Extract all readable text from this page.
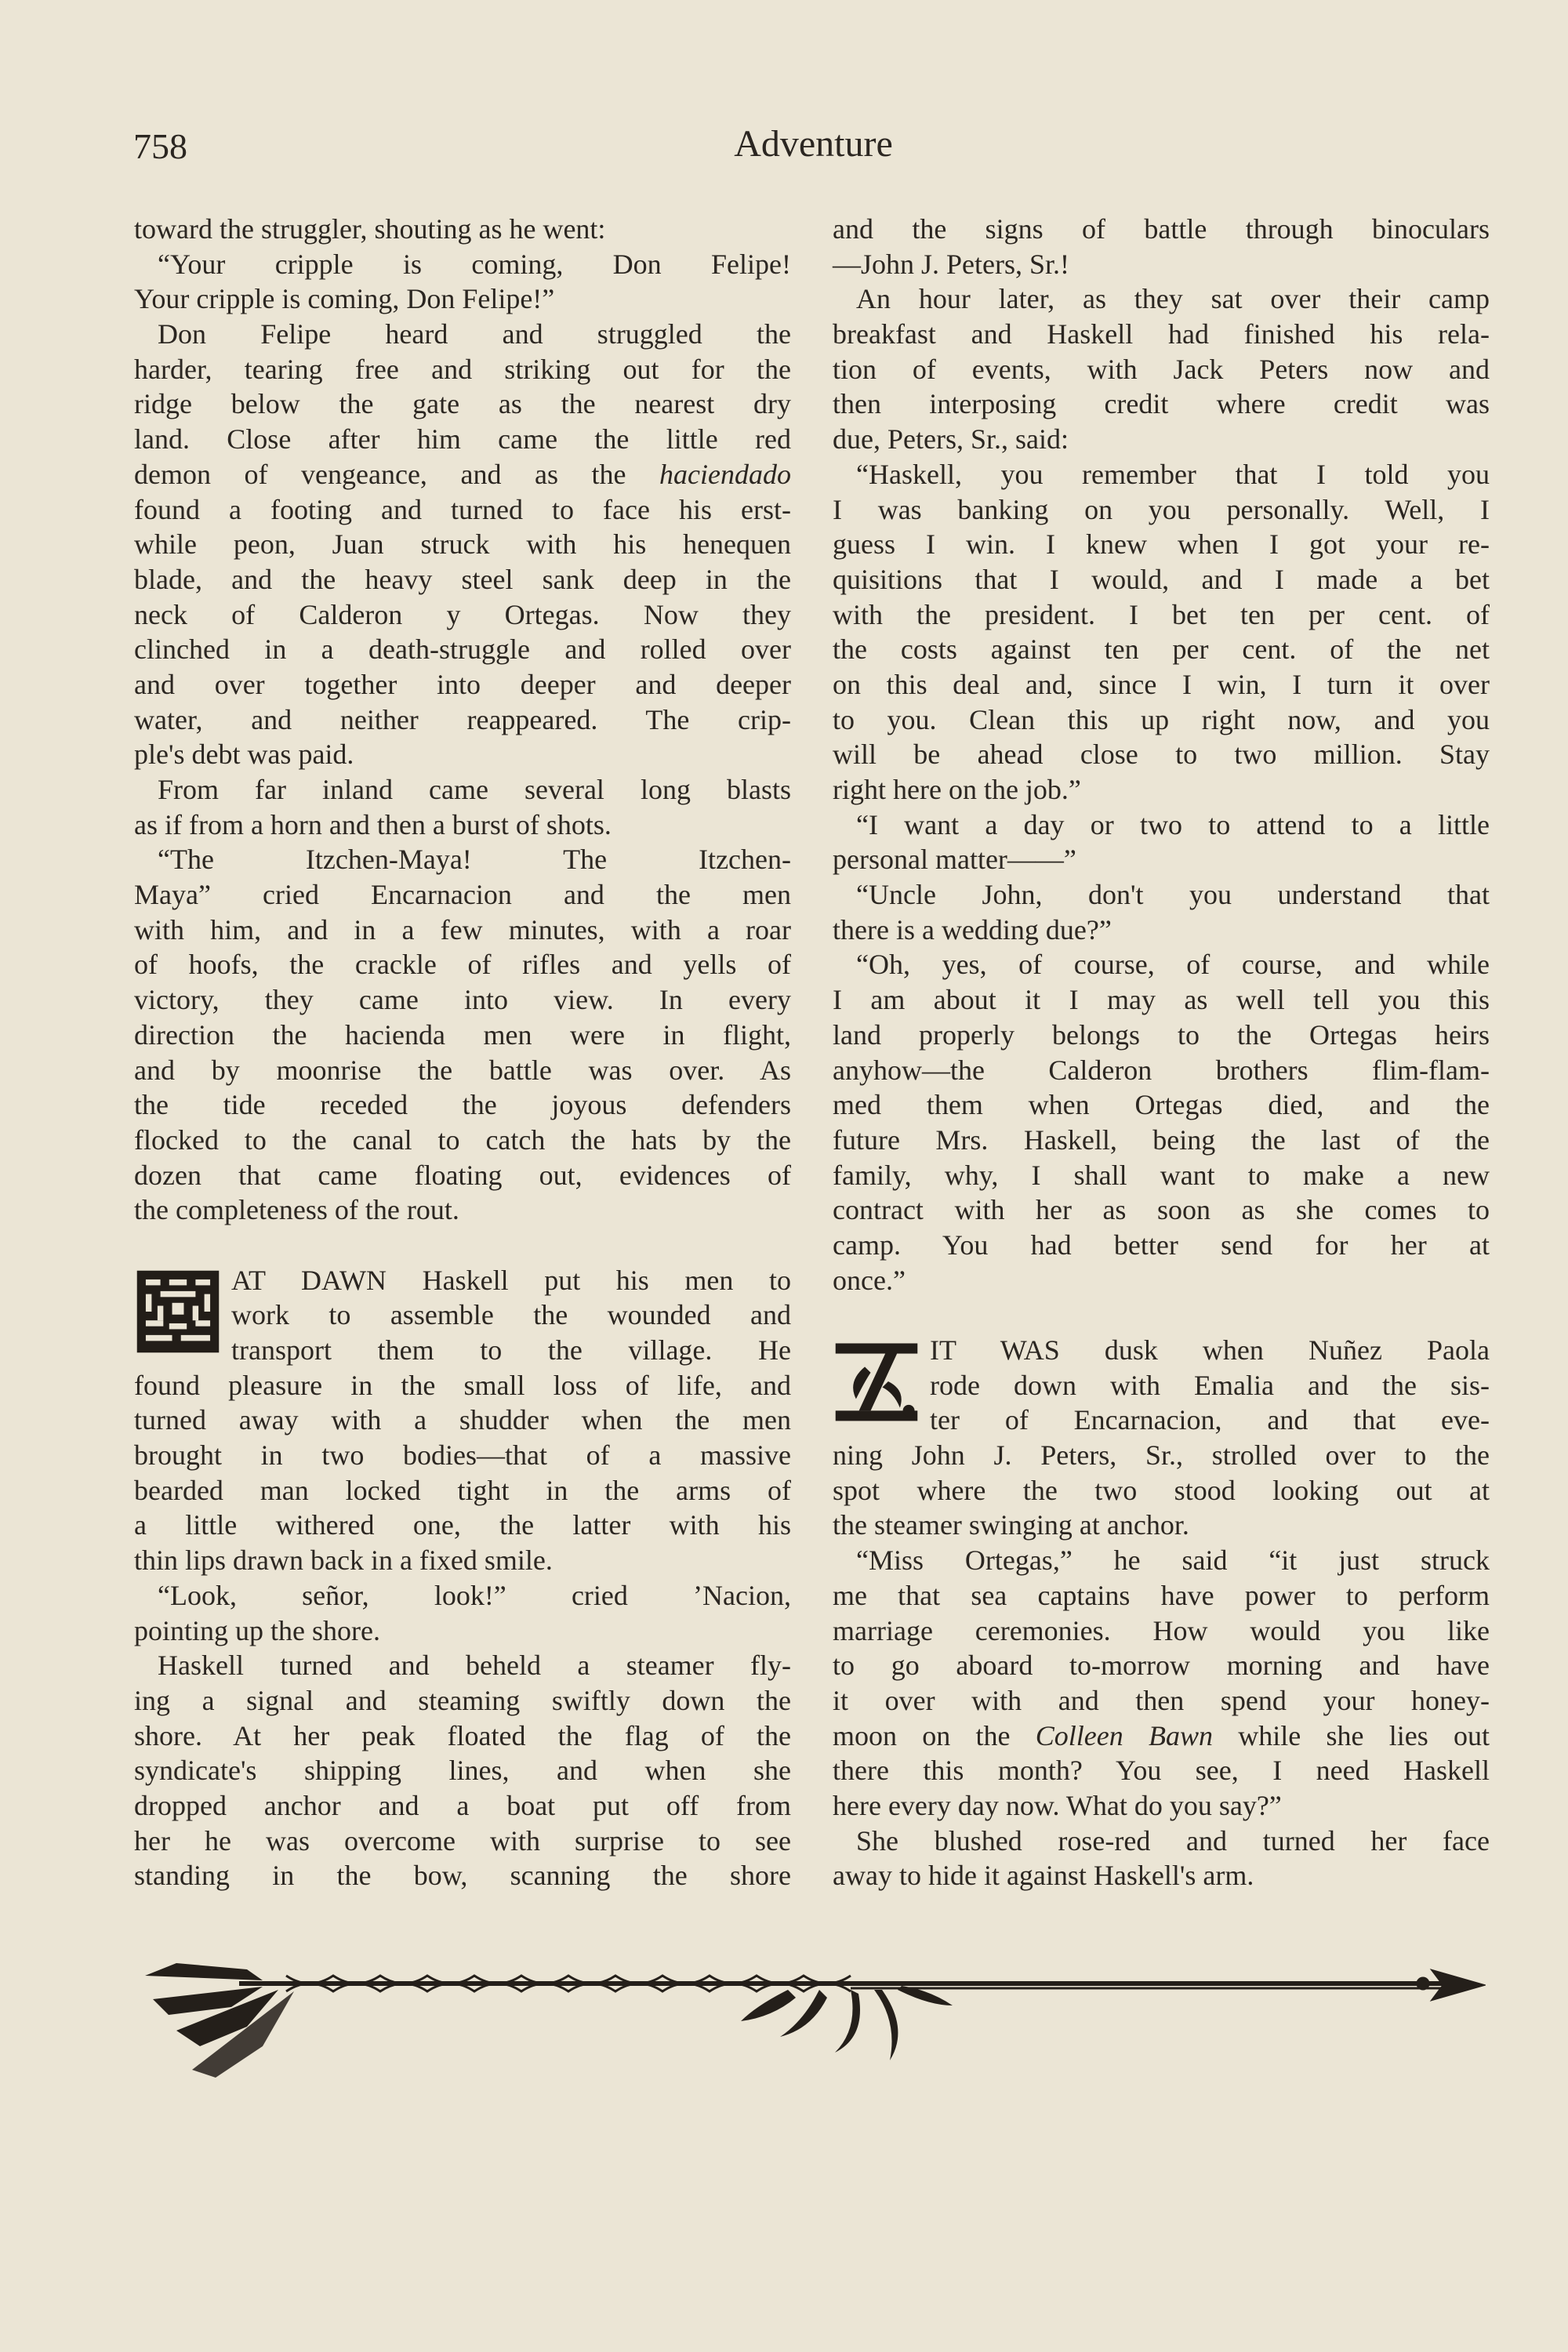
758	Adventure
toward the struggler, shouting as he went:
“Your cripple is coming, Don Felipe!
Your cripple is coming, Don Felipe!”
Don Felipe heard and struggled the
harder, tearing free and striking out for the
ridge below the gate as the nearest dry
land. Close after him came the little red
demon of vengeance, and as the haciendado
found a footing and turned to face his erst-
while peon, Juan struck with his henequen
blade, and the heavy steel sank deep in the
neck of Calderon y Ortegas. Now they
clinched in a death-struggle and rolled over
and over together into deeper and deeper
water, and neither reappeared. The crip-
ple's debt was paid.
From far inland came several long blasts
as if from a horn and then a burst of shots.
“The Itzchen-Maya! The Itzchen-
Maya” cried Encarnacion and the men
with him, and in a few minutes, with a roar
of hoofs, the crackle of rifles and yells of
victory, they came into view. In every
direction the hacienda men were in flight,
and by moonrise the battle was over. As
the tide receded the joyous defenders
flocked to the canal to catch the hats by the
dozen that came floating out, evidences of
the completeness of the rout.
AT DAWN Haskell put his men to
work to assemble the wounded and
transport them to the village. He
found pleasure in the small loss of life, and
turned away with a shudder when the men
brought in two bodies—that of a massive
bearded man locked tight in the arms of
a little withered one, the latter with his
thin lips drawn back in a fixed smile.
“Look, señor, look!” cried ’Nacion,
pointing up the shore.
Haskell turned and beheld a steamer fly-
ing a signal and steaming swiftly down the
shore. At her peak floated the flag of the
syndicate's shipping lines, and when she
dropped anchor and a boat put off from
her he was overcome with surprise to see
standing in the bow, scanning the shore
and the signs of battle through binoculars
—John J. Peters, Sr.!
An hour later, as they sat over their camp
breakfast and Haskell had finished his rela-
tion of events, with Jack Peters now and
then interposing credit where credit was
due, Peters, Sr., said:
“Haskell, you remember that I told you
I was banking on you personally. Well, I
guess I win. I knew when I got your re-
quisitions that I would, and I made a bet
with the president. I bet ten per cent. of
the costs against ten per cent. of the net
on this deal and, since I win, I turn it over
to you. Clean this up right now, and you
will be ahead close to two million. Stay
right here on the job.”
“I want a day or two to attend to a little
personal matter——”
“Uncle John, don't you understand that
there is a wedding due?”
“Oh, yes, of course, of course, and while
I am about it I may as well tell you this
land properly belongs to the Ortegas heirs
anyhow—the Calderon brothers flim-flam-
med them when Ortegas died, and the
future Mrs. Haskell, being the last of the
family, why, I shall want to make a new
contract with her as soon as she comes to
camp. You had better send for her at
once.”
IT WAS dusk when Nuñez Paola
rode down with Emalia and the sis-
ter of Encarnacion, and that eve-
ning John J. Peters, Sr., strolled over to the
spot where the two stood looking out at
the steamer swinging at anchor.
“Miss Ortegas,” he said “it just struck
me that sea captains have power to perform
marriage ceremonies. How would you like
to go aboard to-morrow morning and have
it over with and then spend your honey-
moon on the Colleen Bawn while she lies out
there this month? You see, I need Haskell
here every day now. What do you say?”
She blushed rose-red and turned her face
away to hide it against Haskell's arm.
